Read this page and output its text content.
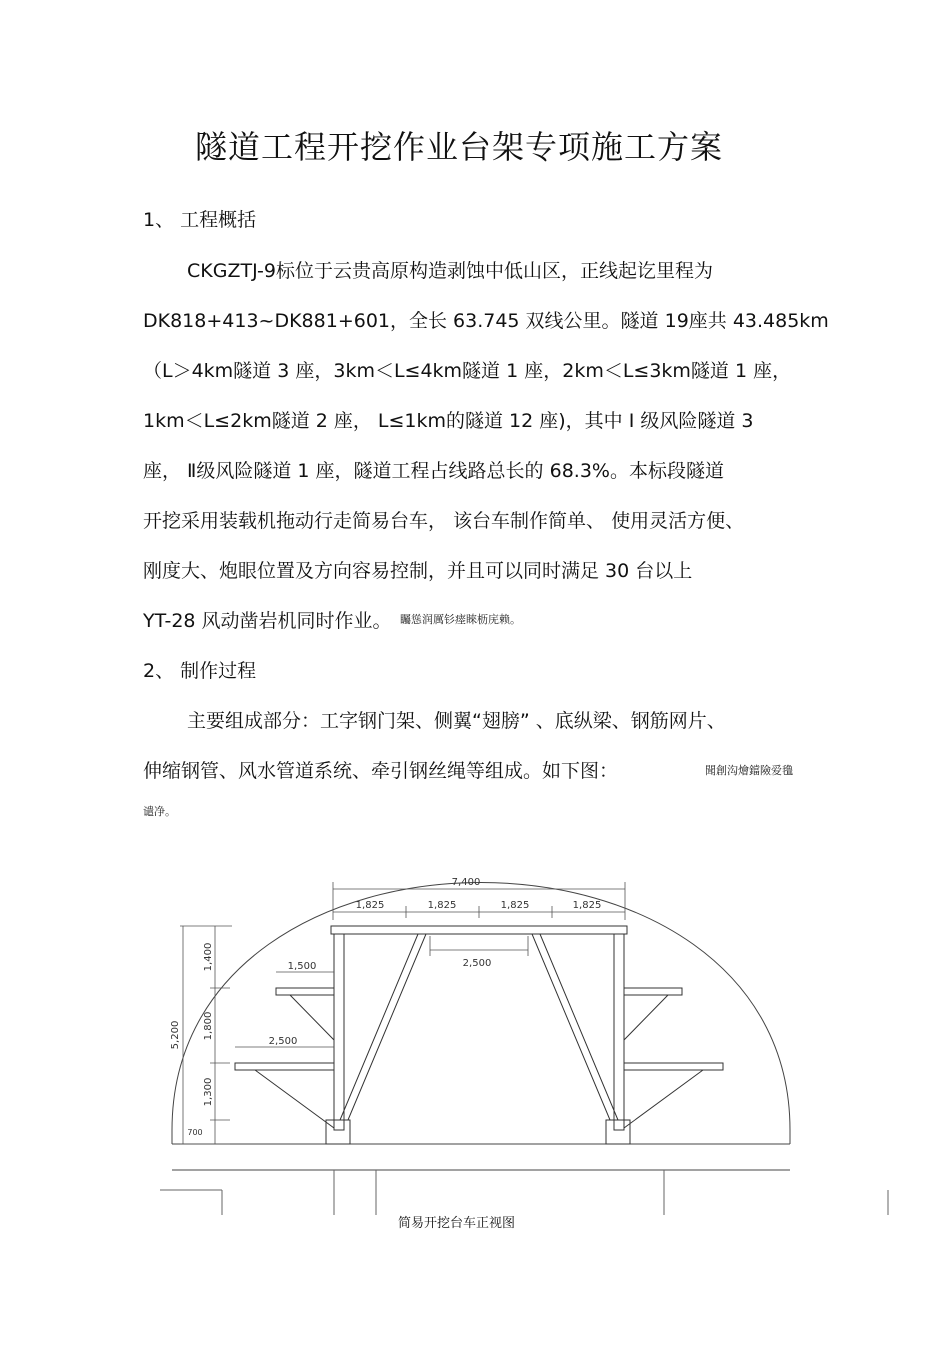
隧道工程开挖作业台架专项施工方案
1、 工程概括
CKGZTJ-9标位于云贵高原构造剥蚀中低山区，正线起讫里程为
DK818+413~DK881+601，全长 63.745 双线公里。隧道 19座共 43.485km
（L＞4km隧道 3 座，3km＜L≤4km隧道 1 座，2km＜L≤3km隧道 1 座，
1km＜L≤2km隧道 2 座， L≤1km的隧道 12 座)，其中 Ⅰ 级风险隧道 3
座， Ⅱ级风险隧道 1 座，隧道工程占线路总长的 68.3%。本标段隧道
开挖采用装载机拖动行走简易台车， 该台车制作简单、 使用灵活方便、
刚度大、炮眼位置及方向容易控制，并且可以同时满足 30 台以上
YT-28 风动凿岩机同时作业。 矚慫润厲钐瘗睞枥庑赖。
2、 制作过程
主要组成部分：工字钢门架、侧翼“翅膀” 、底纵梁、钢筋网片、
伸缩钢管、风水管道系统、牵引钢丝绳等组成。如下图：	聞創沟燴鐺險爱氇
谴净。
7,400
1,825	1,825	1,825	1,825
2,500
1,500
2,500
5,200
1,400
1,800
1,300
700
简易开挖台车正视图
